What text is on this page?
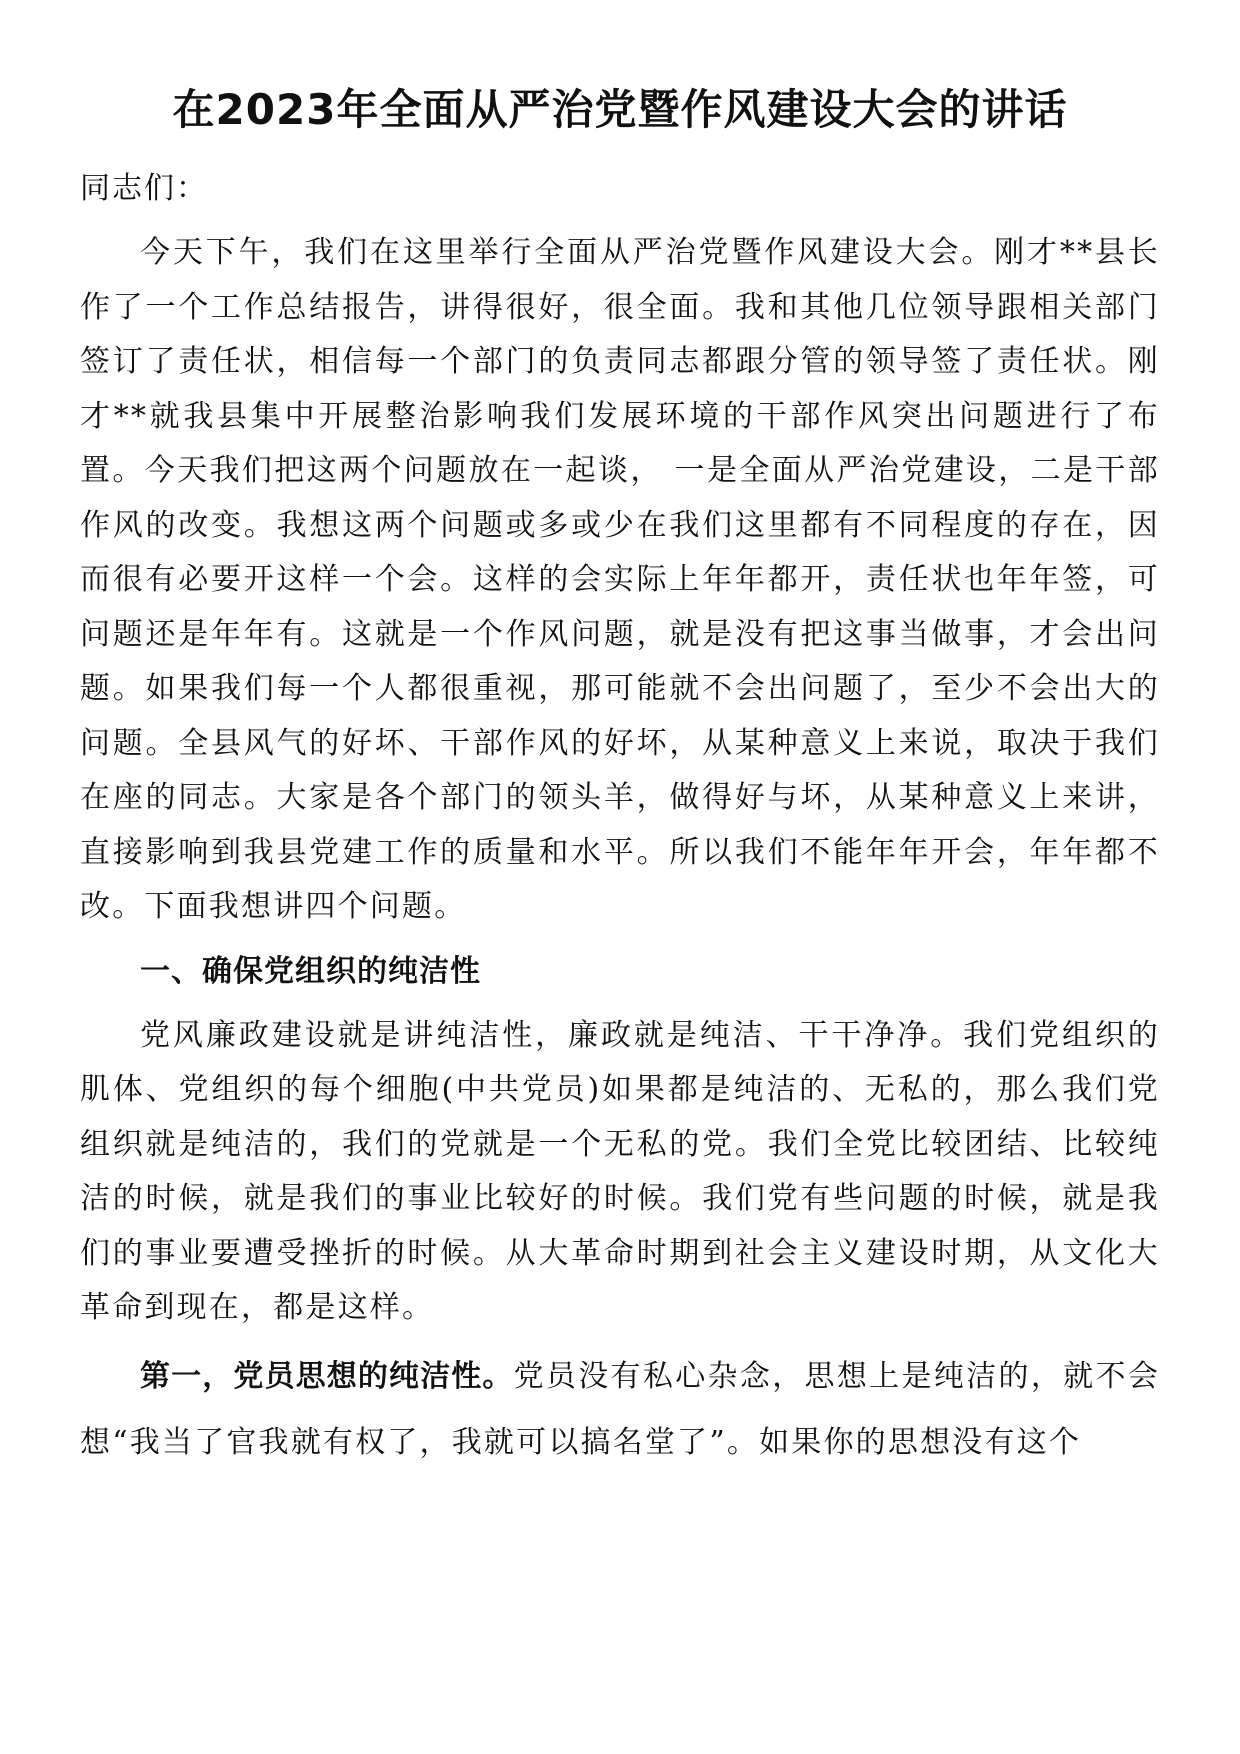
在2023年全面从严治党暨作风建设大会的讲话

同志们：

今天下午，我们在这里举行全面从严治党暨作风建设大会。刚才**县长作了一个工作总结报告，讲得很好，很全面。我和其他几位领导跟相关部门签订了责任状，相信每一个部门的负责同志都跟分管的领导签了责任状。刚才**就我县集中开展整治影响我们发展环境的干部作风突出问题进行了布置。今天我们把这两个问题放在一起谈， 一是全面从严治党建设，二是干部作风的改变。我想这两个问题或多或少在我们这里都有不同程度的存在，因而很有必要开这样一个会。这样的会实际上年年都开，责任状也年年签，可问题还是年年有。这就是一个作风问题，就是没有把这事当做事，才会出问题。如果我们每一个人都很重视，那可能就不会出问题了，至少不会出大的问题。全县风气的好坏、干部作风的好坏，从某种意义上来说，取决于我们在座的同志。大家是各个部门的领头羊，做得好与坏，从某种意义上来讲，直接影响到我县党建工作的质量和水平。所以我们不能年年开会，年年都不改。下面我想讲四个问题。

一、确保党组织的纯洁性

党风廉政建设就是讲纯洁性，廉政就是纯洁、干干净净。我们党组织的肌体、党组织的每个细胞(中共党员)如果都是纯洁的、无私的，那么我们党组织就是纯洁的，我们的党就是一个无私的党。我们全党比较团结、比较纯洁的时候，就是我们的事业比较好的时候。我们党有些问题的时候，就是我们的事业要遭受挫折的时候。从大革命时期到社会主义建设时期，从文化大革命到现在，都是这样。

第一，党员思想的纯洁性。党员没有私心杂念，思想上是纯洁的，就不会想“我当了官我就有权了，我就可以搞名堂了”。如果你的思想没有这个
